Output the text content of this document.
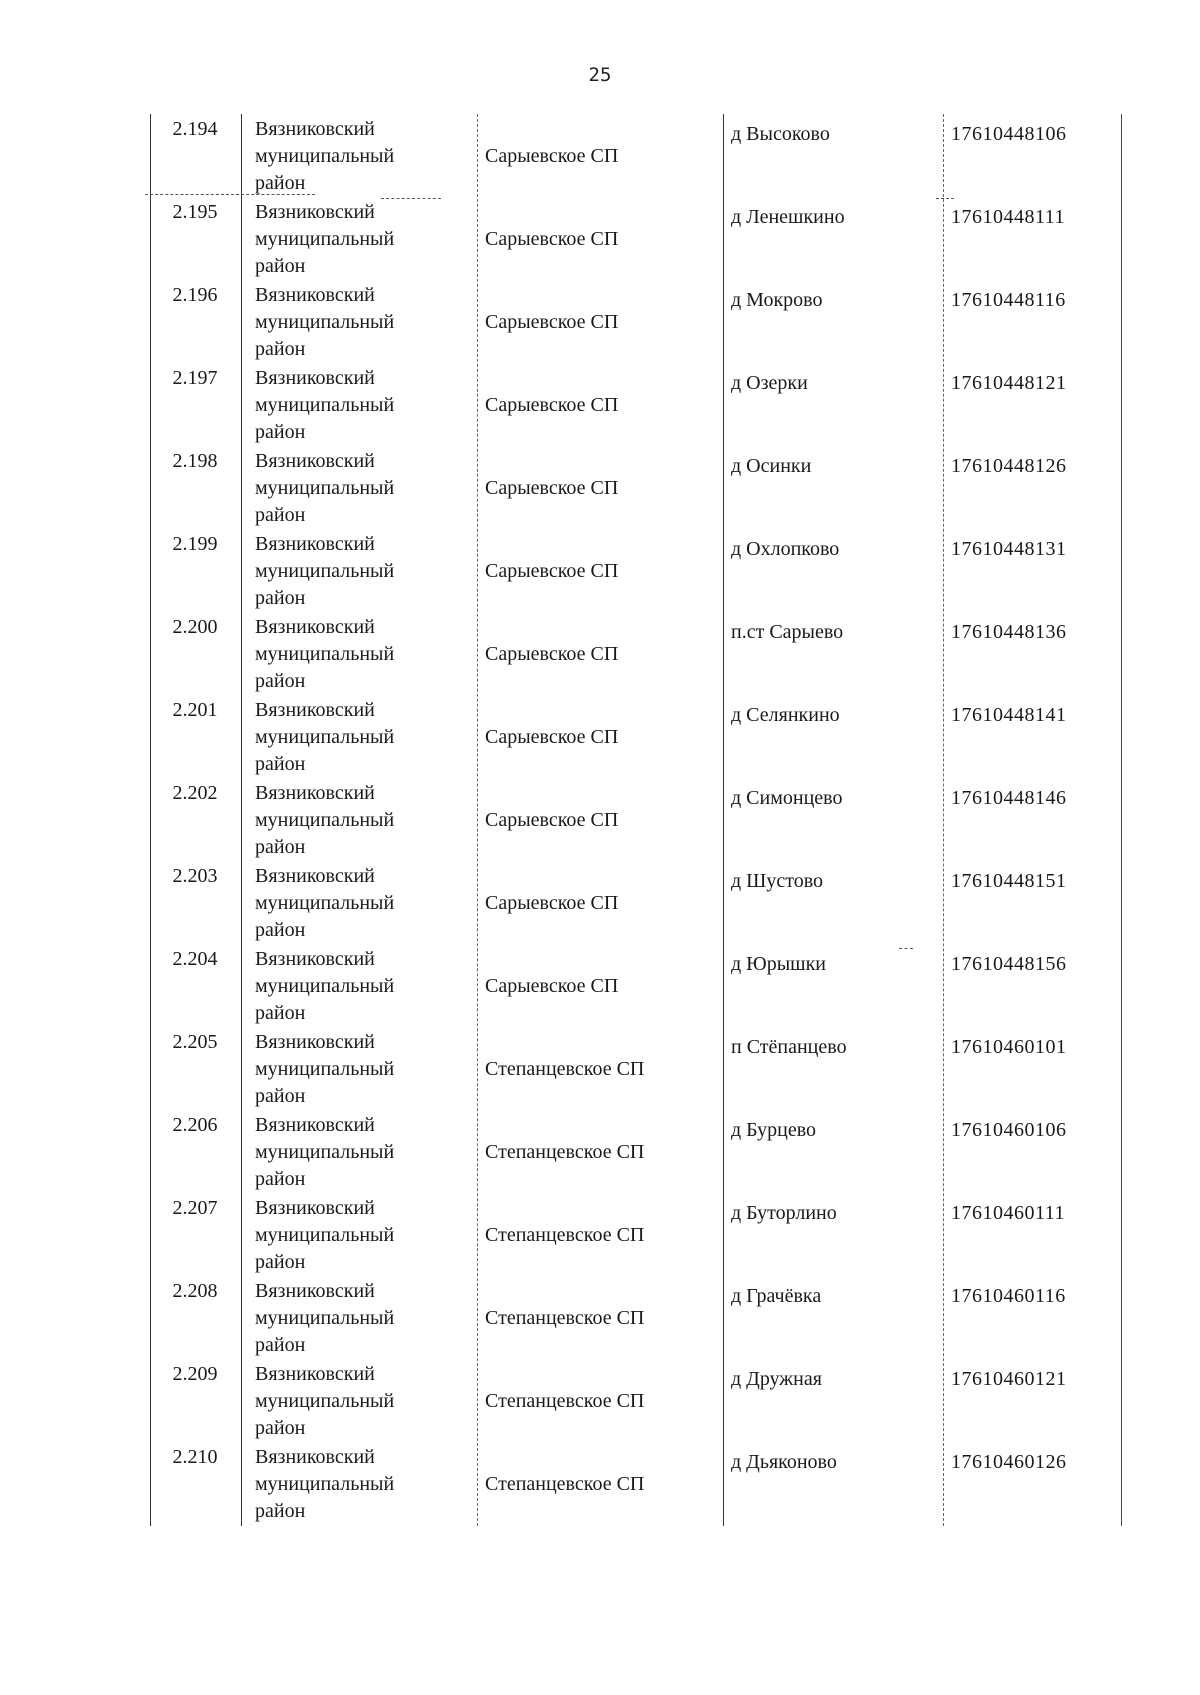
25
2.194	Вязниковский
муниципальный
район
Сарыевское СП
д Высоково	17610448106
2.195	Вязниковский
муниципальный
район
Сарыевское СП
д Ленешкино	17610448111
2.196	Вязниковский
муниципальный
район
Сарыевское СП
д Мокрово	17610448116
2.197	Вязниковский
муниципальный
район
Сарыевское СП
д Озерки	17610448121
2.198	Вязниковский
муниципальный
район
Сарыевское СП
д Осинки	17610448126
2.199	Вязниковский
муниципальный
район
Сарыевское СП
д Охлопково	17610448131
2.200	Вязниковский
муниципальный
район
Сарыевское СП
п.ст Сарыево	17610448136
2.201	Вязниковский
муниципальный
район
Сарыевское СП
д Селянкино	17610448141
2.202	Вязниковский
муниципальный
район
Сарыевское СП
д Симонцево	17610448146
2.203	Вязниковский
муниципальный
район
Сарыевское СП
д Шустово	17610448151
2.204	Вязниковский
муниципальный
район
Сарыевское СП
д Юрышки	17610448156
2.205	Вязниковский
муниципальный
район
Степанцевское СП
п Стёпанцево	17610460101
2.206	Вязниковский
муниципальный
район
Степанцевское СП
д Бурцево	17610460106
2.207	Вязниковский
муниципальный
район
Степанцевское СП
д Буторлино	17610460111
2.208	Вязниковский
муниципальный
район
Степанцевское СП
д Грачёвка	17610460116
2.209	Вязниковский
муниципальный
район
Степанцевское СП
д Дружная	17610460121
2.210	Вязниковский
муниципальный
район
Степанцевское СП
д Дьяконово	17610460126
